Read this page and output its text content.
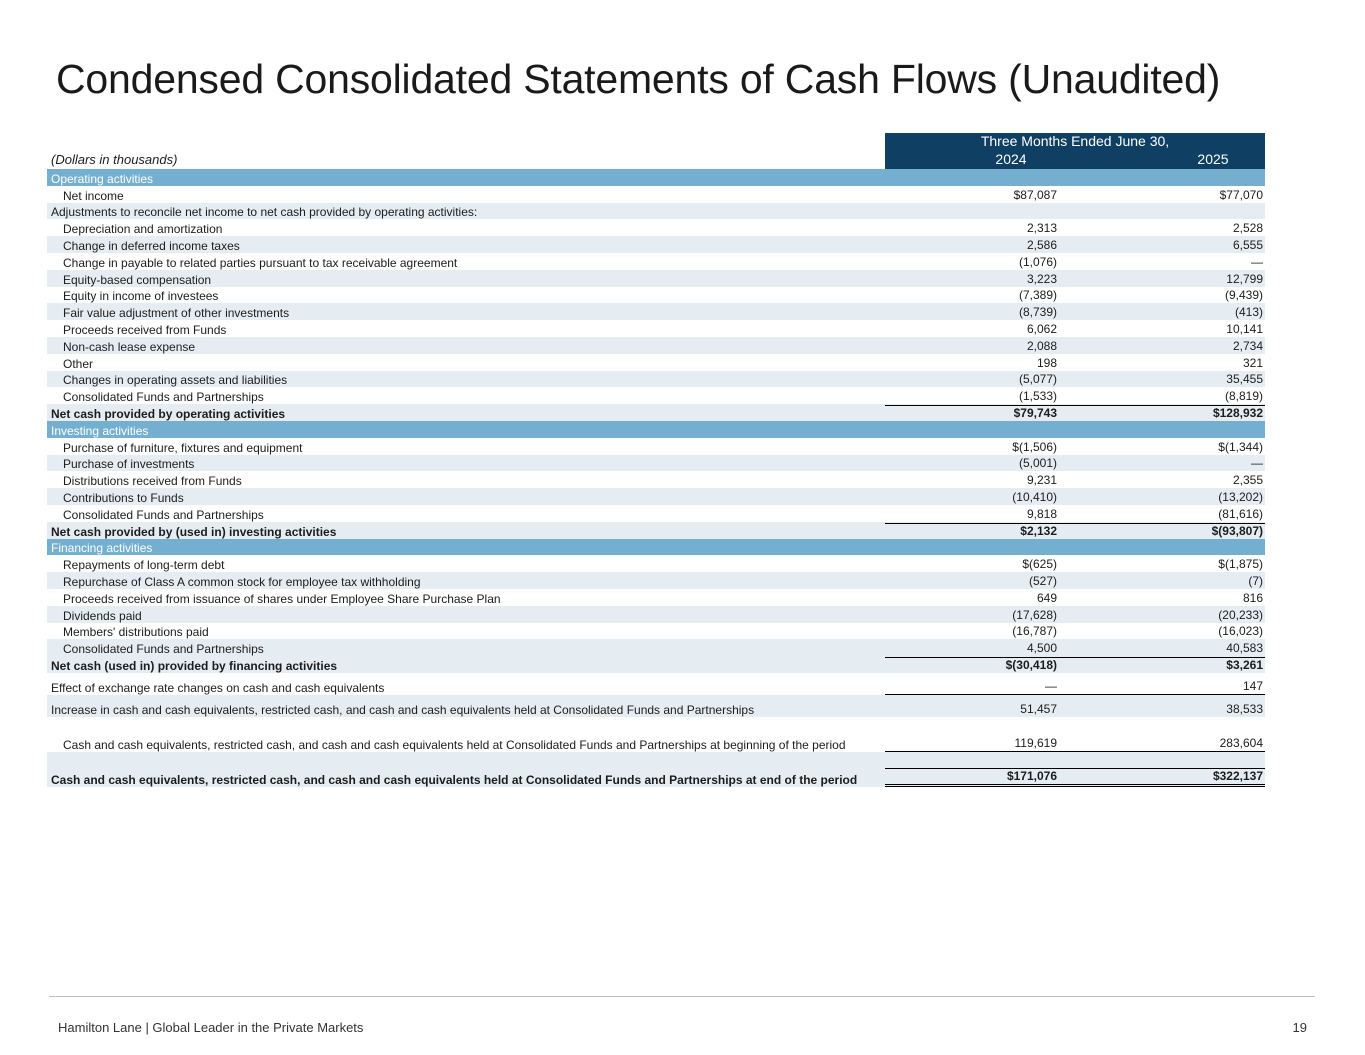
Condensed Consolidated Statements of Cash Flows (Unaudited)
(Dollars in thousands)
Three Months Ended June 30,
2024	2025
Operating activities
Net income	$87,087	$77,070
Adjustments to reconcile net income to net cash provided by operating activities:
Depreciation and amortization	2,313	2,528
Change in deferred income taxes	2,586	6,555
Change in payable to related parties pursuant to tax receivable agreement	(1,076)	—
Equity-based compensation	3,223	12,799
Equity in income of investees	(7,389)	(9,439)
Fair value adjustment of other investments	(8,739)	(413)
Proceeds received from Funds	6,062	10,141
Non-cash lease expense	2,088	2,734
Other	198	321
Changes in operating assets and liabilities	(5,077)	35,455
Consolidated Funds and Partnerships	(1,533)	(8,819)
Net cash provided by operating activities	$79,743	$128,932
Investing activities
Purchase of furniture, fixtures and equipment	$(1,506)	$(1,344)
Purchase of investments	(5,001)	—
Distributions received from Funds	9,231	2,355
Contributions to Funds	(10,410)	(13,202)
Consolidated Funds and Partnerships	9,818	(81,616)
Net cash provided by (used in) investing activities	$2,132	$(93,807)
Financing activities
Repayments of long-term debt	$(625)	$(1,875)
Repurchase of Class A common stock for employee tax withholding	(527)	(7)
Proceeds received from issuance of shares under Employee Share Purchase Plan	649	816
Dividends paid	(17,628)	(20,233)
Members' distributions paid	(16,787)	(16,023)
Consolidated Funds and Partnerships	4,500	40,583
Net cash (used in) provided by financing activities	$(30,418)	$3,261
Effect of exchange rate changes on cash and cash equivalents	—	147
Increase in cash and cash equivalents, restricted cash, and cash and cash equivalents held at Consolidated Funds and Partnerships	51,457	38,533
Cash and cash equivalents, restricted cash, and cash and cash equivalents held at Consolidated Funds and Partnerships at beginning of the period	119,619	283,604
Cash and cash equivalents, restricted cash, and cash and cash equivalents held at Consolidated Funds and Partnerships at end of the period	$171,076	$322,137
Hamilton Lane | Global Leader in the Private Markets	19
